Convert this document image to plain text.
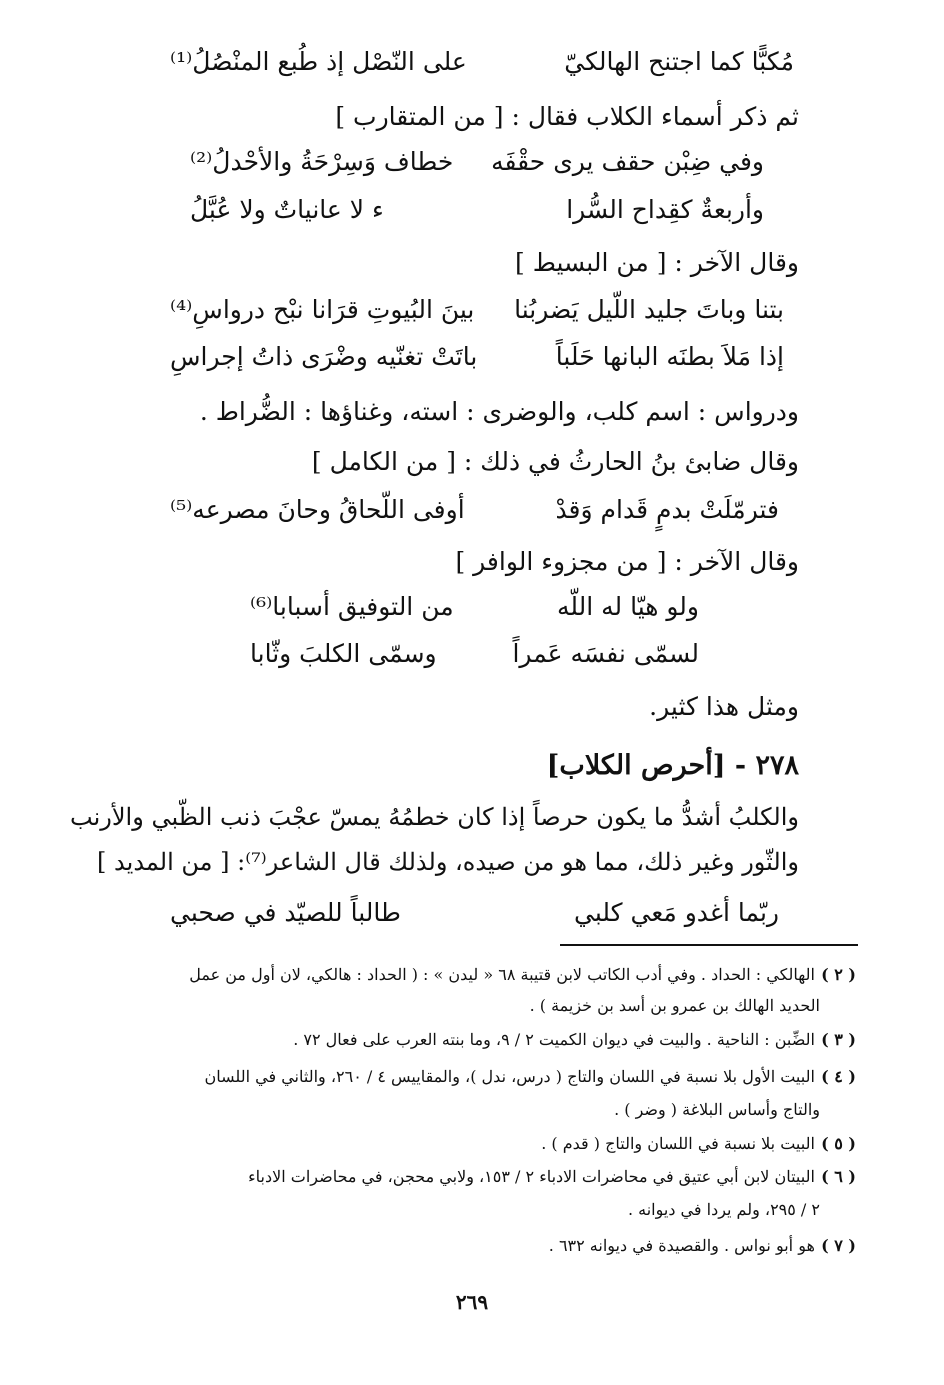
مُكبًّا كما اجتنح الهالكيّ
على النّصْل إذ طُبع المنْصُلُ⁽¹⁾
ثم ذكر أسماء الكلاب فقال : [ من المتقارب ]
وفي ضِبْن حقف يرى حقْفَه
خطاف وَسِرْحَةُ والأحْدلُ⁽²⁾
وأربعةٌ كقِداح السُّرا
ء لا عانياتٌ ولا عُبَّلُ
وقال الآخر : [ من البسيط ]
بتنا وباتَ جليد اللّيل يَضربُنا
بينَ البُيوتِ قرَانا نبْح درواسِ⁽⁴⁾
إذا مَلاَ بطنَه البانها حَلَباً
باتَتْ تغنّيه وضْرَى ذاتُ إجراسِ
ودرواس : اسم كلب، والوضرى : استه، وغناؤها : الضُّراط .
وقال ضابئ بنُ الحارثُ في ذلك : [ من الكامل ]
فترمّلَتْ بدمٍ قَدام وَقدْ
أوفى اللّحاقُ وحانَ مصرعه⁽⁵⁾
وقال الآخر : [ من مجزوء الوافر ]
ولو هيّا له اللّه
من التوفيق أسبابا⁽⁶⁾
لسمّى نفسَه عَمراً
وسمّى الكلبَ وثّابا
ومثل هذا كثير.
٢٧٨ - [أحرص الكلاب]
والكلبُ أشدُّ ما يكون حرصاً إذا كان خطمُهُ يمسّ عجْبَ ذنب الظّبي والأرنب
والثّور وغير ذلك، مما هو من صيده، ولذلك قال الشاعر⁽⁷⁾: [ من المديد ]
ربّما أغدو مَعي كلبي
طالباً للصيّد في صحبي
( ٢ ) الهالكي : الحداد . وفي أدب الكاتب لابن قتيبة ٦٨ « ليدن » : ( الحداد : هالكي، لان أول من عمل
الحديد الهالك بن عمرو بن أسد بن خزيمة ) .
( ٣ ) الضِّبن : الناحية . والبيت في ديوان الكميت ٢ / ٩، وما بنته العرب على فعال ٧٢ .
( ٤ ) البيت الأول بلا نسبة في اللسان والتاج ( درس، ندل )، والمقاييس ٤ / ٢٦٠، والثاني في اللسان
والتاج وأساس البلاغة ( وضر ) .
( ٥ ) البيت بلا نسبة في اللسان والتاج ( قدم ) .
( ٦ ) البيتان لابن أبي عتيق في محاضرات الادباء ٢ / ١٥٣، ولابي محجن، في محاضرات الادباء
٢ / ٢٩٥، ولم يردا في ديوانه .
( ٧ ) هو أبو نواس . والقصيدة في ديوانه ٦٣٢ .
٢٦٩
